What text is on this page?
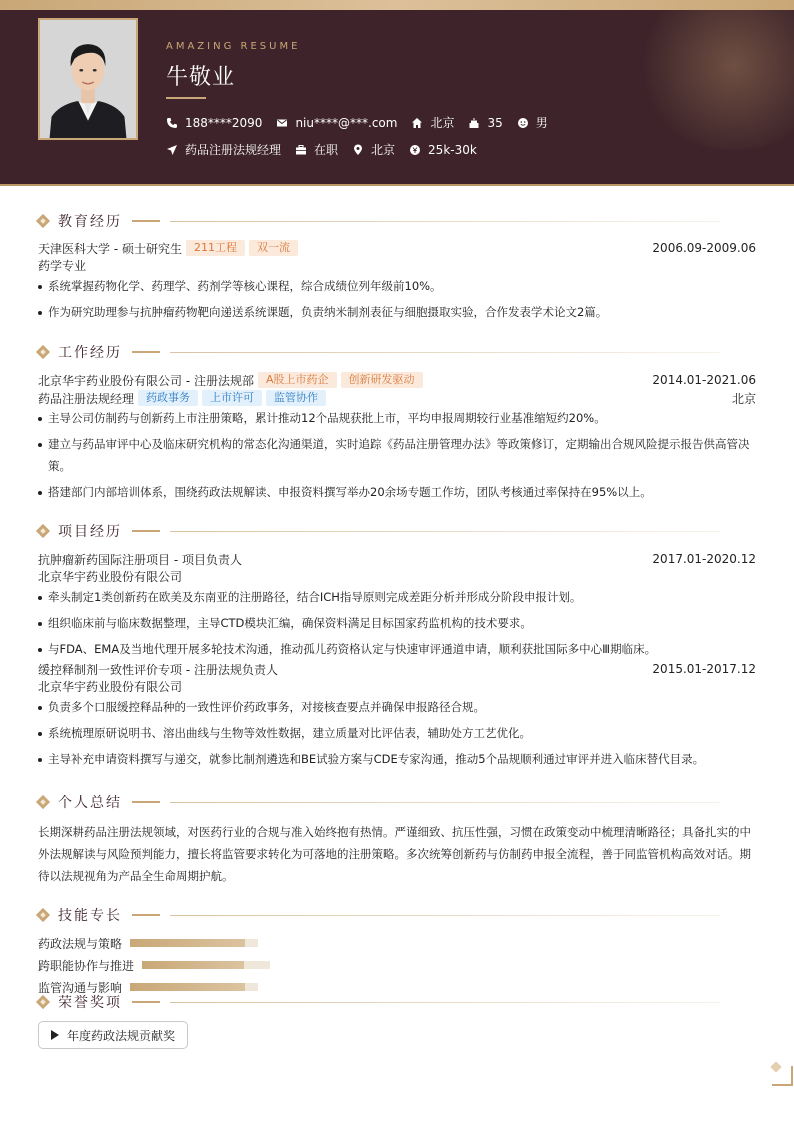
AMAZING RESUME
牛敬业
188****2090	niu****@***.com	北京	35	男
药品注册法规经理	在职	北京	25k-30k
教育经历
天津医科大学 - 硕士研究生	211工程	双一流	2006.09-2009.06
药学专业
系统掌握药物化学、药理学、药剂学等核心课程，综合成绩位列年级前10%。
作为研究助理参与抗肿瘤药物靶向递送系统课题，负责纳米制剂表征与细胞摄取实验，合作发表学术论文2篇。
工作经历
北京华宇药业股份有限公司 - 注册法规部	A股上市药企	创新研发驱动	2014.01-2021.06
药品注册法规经理	药政事务	上市许可	监管协作	北京
主导公司仿制药与创新药上市注册策略，累计推动12个品规获批上市，平均申报周期较行业基准缩短约20%。
建立与药品审评中心及临床研究机构的常态化沟通渠道，实时追踪《药品注册管理办法》等政策修订，定期输出合规风险提示报告供高管决策。
搭建部门内部培训体系，围绕药政法规解读、申报资料撰写举办20余场专题工作坊，团队考核通过率保持在95%以上。
项目经历
抗肿瘤新药国际注册项目 - 项目负责人	2017.01-2020.12
北京华宇药业股份有限公司
牵头制定1类创新药在欧美及东南亚的注册路径，结合ICH指导原则完成差距分析并形成分阶段申报计划。
组织临床前与临床数据整理，主导CTD模块汇编，确保资料满足目标国家药监机构的技术要求。
与FDA、EMA及当地代理开展多轮技术沟通，推动孤儿药资格认定与快速审评通道申请，顺利获批国际多中心Ⅲ期临床。
缓控释制剂一致性评价专项 - 注册法规负责人	2015.01-2017.12
北京华宇药业股份有限公司
负责多个口服缓控释品种的一致性评价药政事务，对接核查要点并确保申报路径合规。
系统梳理原研说明书、溶出曲线与生物等效性数据，建立质量对比评估表，辅助处方工艺优化。
主导补充申请资料撰写与递交，就参比制剂遴选和BE试验方案与CDE专家沟通，推动5个品规顺利通过审评并进入临床替代目录。
个人总结
长期深耕药品注册法规领域，对医药行业的合规与准入始终抱有热情。严谨细致、抗压性强，习惯在政策变动中梳理清晰路径；具备扎实的中外法规解读与风险预判能力，擅长将监管要求转化为可落地的注册策略。多次统筹创新药与仿制药申报全流程，善于同监管机构高效对话。期待以法规视角为产品全生命周期护航。
技能专长
药政法规与策略
跨职能协作与推进
监管沟通与影响
荣誉奖项
年度药政法规贡献奖
